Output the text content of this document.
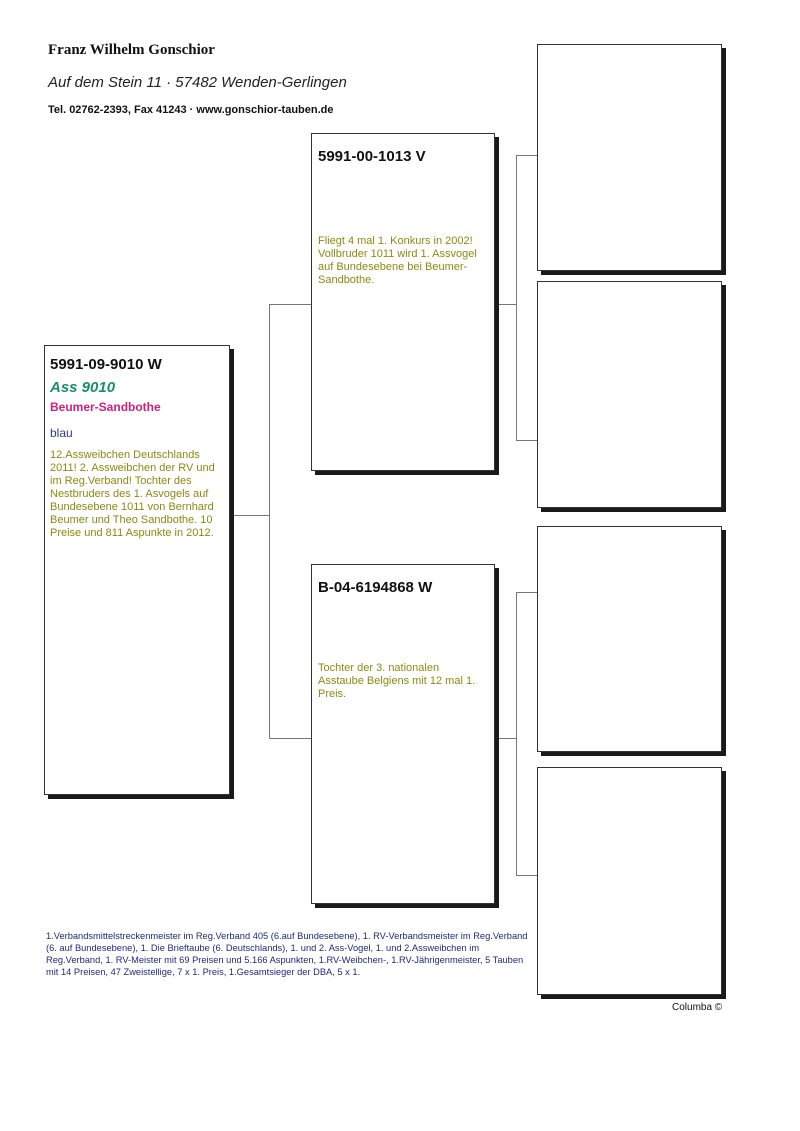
Franz Wilhelm Gonschior
Auf dem Stein 11 · 57482 Wenden-Gerlingen
Tel. 02762-2393, Fax 41243 · www.gonschior-tauben.de
5991-09-9010 W
Ass 9010
Beumer-Sandbothe
blau
12.Assweibchen Deutschlands 2011! 2. Assweibchen der RV und im Reg.Verband! Tochter des Nestbruders des 1. Asvogels auf Bundesebene 1011 von Bernhard Beumer und Theo Sandbothe. 10 Preise und 811 Aspunkte in 2012.
5991-00-1013 V
Fliegt 4 mal 1. Konkurs in 2002! Vollbruder 1011 wird 1. Assvogel auf Bundesebene bei Beumer-Sandbothe.
B-04-6194868 W
Tochter der 3. nationalen Asstaube Belgiens mit 12 mal 1. Preis.
1.Verbandsmittelstreckenmeister im Reg.Verband 405 (6.auf Bundesebene), 1. RV-Verbandsmeister im Reg.Verband (6. auf Bundesebene), 1. Die Brieftaube (6. Deutschlands), 1. und 2. Ass-Vogel, 1. und 2.Assweibchen im Reg.Verband, 1. RV-Meister mit 69 Preisen und 5.166 Aspunkten, 1.RV-Weibchen-, 1.RV-Jährigenmeister, 5 Tauben mit 14 Preisen, 47 Zweistellige, 7 x 1. Preis, 1.Gesamtsieger der DBA, 5 x 1.
Columba ©
